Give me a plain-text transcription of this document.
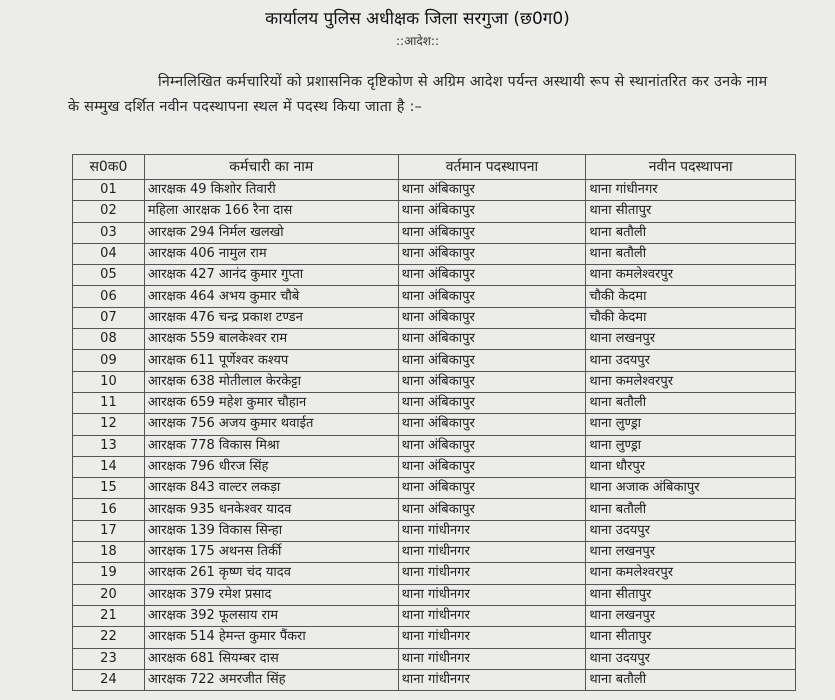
कार्यालय पुलिस अधीक्षक जिला सरगुजा (छ0ग0)
::आदेश::
निम्नलिखित कर्मचारियों को प्रशासनिक दृष्टिकोण से अग्रिम आदेश पर्यन्त अस्थायी रूप से स्थानांतरित कर उनके नाम के सम्मुख दर्शित नवीन पदस्थापना स्थल में पदस्थ किया जाता है :–
स0क0	कर्मचारी का नाम	वर्तमान पदस्थापना	नवीन पदस्थापना
01	आरक्षक 49 किशोर तिवारी	थाना अंबिकापुर	थाना गांधीनगर
02	महिला आरक्षक 166 रैना दास	थाना अंबिकापुर	थाना सीतापुर
03	आरक्षक 294 निर्मल खलखो	थाना अंबिकापुर	थाना बतौली
04	आरक्षक 406 नामुल राम	थाना अंबिकापुर	थाना बतौली
05	आरक्षक 427 आनंद कुमार गुप्ता	थाना अंबिकापुर	थाना कमलेश्वरपुर
06	आरक्षक 464 अभय कुमार चौबे	थाना अंबिकापुर	चौकी केदमा
07	आरक्षक 476 चन्द्र प्रकाश टण्डन	थाना अंबिकापुर	चौकी केदमा
08	आरक्षक 559 बालकेश्वर राम	थाना अंबिकापुर	थाना लखनपुर
09	आरक्षक 611 पूर्णेश्वर कश्यप	थाना अंबिकापुर	थाना उदयपुर
10	आरक्षक 638 मोतीलाल केरकेट्टा	थाना अंबिकापुर	थाना कमलेश्वरपुर
11	आरक्षक 659 महेश कुमार चौहान	थाना अंबिकापुर	थाना बतौली
12	आरक्षक 756 अजय कुमार थवाईत	थाना अंबिकापुर	थाना लुण्ड्रा
13	आरक्षक 778 विकास मिश्रा	थाना अंबिकापुर	थाना लुण्ड्रा
14	आरक्षक 796 धीरज सिंह	थाना अंबिकापुर	थाना धौरपुर
15	आरक्षक 843 वाल्टर लकड़ा	थाना अंबिकापुर	थाना अजाक अंबिकापुर
16	आरक्षक 935 धनकेश्वर यादव	थाना अंबिकापुर	थाना बतौली
17	आरक्षक 139 विकास सिन्हा	थाना गांधीनगर	थाना उदयपुर
18	आरक्षक 175 अथनस तिर्की	थाना गांधीनगर	थाना लखनपुर
19	आरक्षक 261 कृष्ण चंद यादव	थाना गांधीनगर	थाना कमलेश्वरपुर
20	आरक्षक 379 रमेश प्रसाद	थाना गांधीनगर	थाना सीतापुर
21	आरक्षक 392 फूलसाय राम	थाना गांधीनगर	थाना लखनपुर
22	आरक्षक 514 हेमन्त कुमार पैंकरा	थाना गांधीनगर	थाना सीतापुर
23	आरक्षक 681 सियम्बर दास	थाना गांधीनगर	थाना उदयपुर
24	आरक्षक 722 अमरजीत सिंह	थाना गांधीनगर	थाना बतौली
